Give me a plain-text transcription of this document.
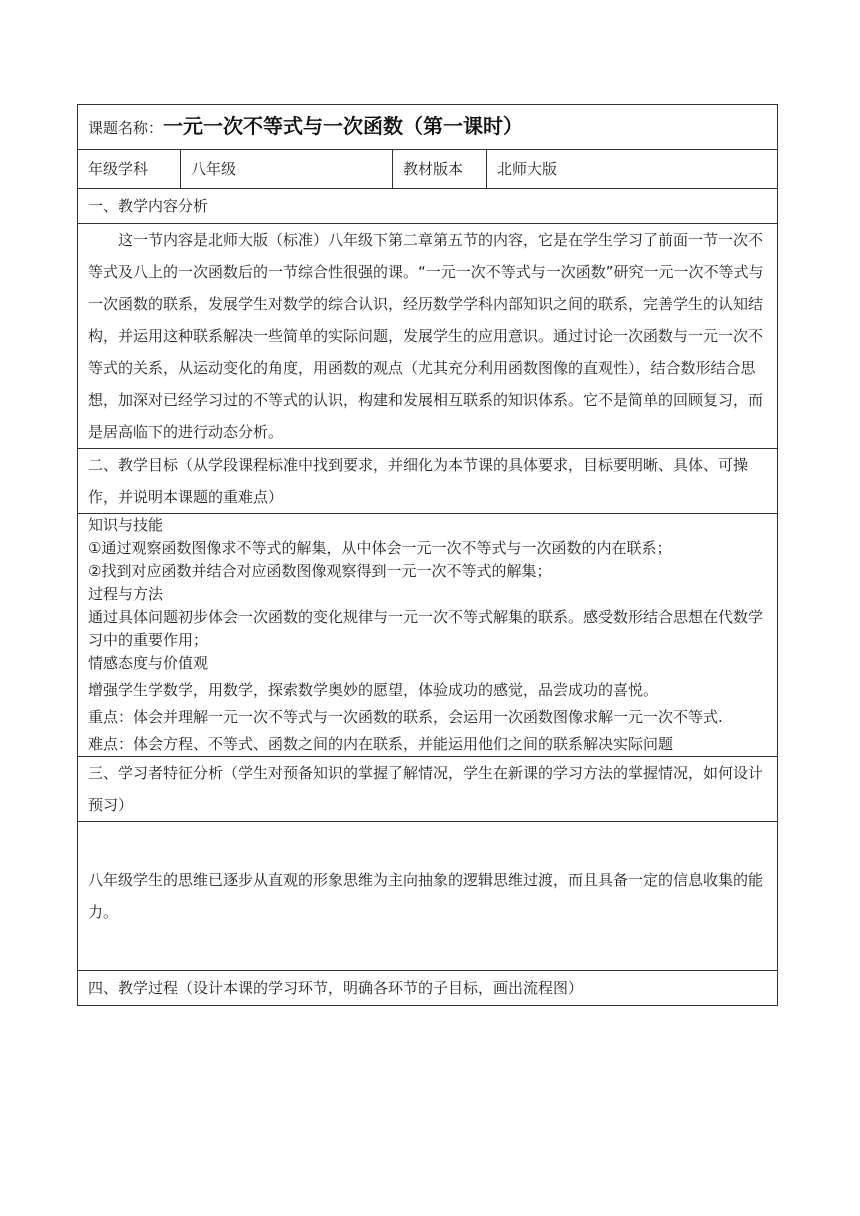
课题名称：一元一次不等式与一次函数（第一课时）
年级学科	八年级	教材版本	北师大版
一、教学内容分析
这一节内容是北师大版（标准）八年级下第二章第五节的内容，它是在学生学习了前面一节一次不等式及八上的一次函数后的一节综合性很强的课。“一元一次不等式与一次函数”研究一元一次不等式与一次函数的联系，发展学生对数学的综合认识，经历数学学科内部知识之间的联系，完善学生的认知结构，并运用这种联系解决一些简单的实际问题，发展学生的应用意识。通过讨论一次函数与一元一次不等式的关系，从运动变化的角度，用函数的观点（尤其充分利用函数图像的直观性），结合数形结合思想，加深对已经学习过的不等式的认识，构建和发展相互联系的知识体系。它不是简单的回顾复习，而是居高临下的进行动态分析。
二、教学目标（从学段课程标准中找到要求，并细化为本节课的具体要求，目标要明晰、具体、可操作，并说明本课题的重难点）

知识与技能
①通过观察函数图像求不等式的解集，从中体会一元一次不等式与一次函数的内在联系；
②找到对应函数并结合对应函数图像观察得到一元一次不等式的解集；
过程与方法
通过具体问题初步体会一次函数的变化规律与一元一次不等式解集的联系。感受数形结合思想在代数学习中的重要作用；
情感态度与价值观
增强学生学数学，用数学，探索数学奥妙的愿望，体验成功的感觉，品尝成功的喜悦。
重点：体会并理解一元一次不等式与一次函数的联系，会运用一次函数图像求解一元一次不等式.
难点：体会方程、不等式、函数之间的内在联系，并能运用他们之间的联系解决实际问题

三、学习者特征分析（学生对预备知识的掌握了解情况，学生在新课的学习方法的掌握情况，如何设计预习）
八年级学生的思维已逐步从直观的形象思维为主向抽象的逻辑思维过渡，而且具备一定的信息收集的能力。
四、教学过程（设计本课的学习环节，明确各环节的子目标，画出流程图）
